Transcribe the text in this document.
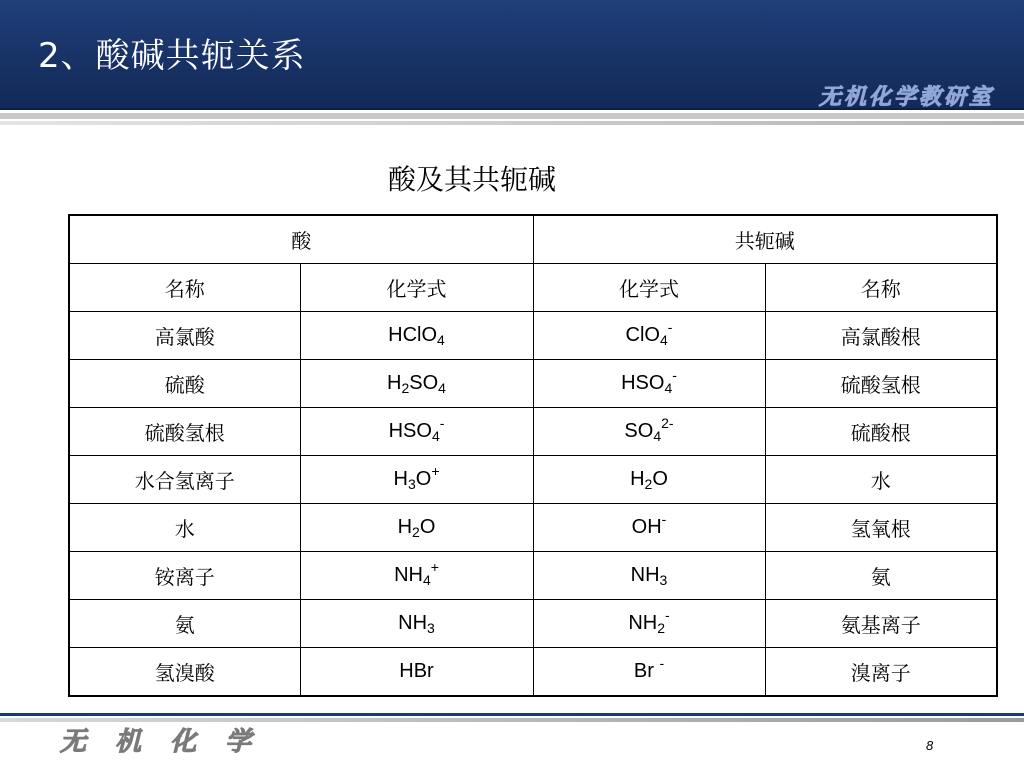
2、酸碱共轭关系
无机化学教研室
酸及其共轭碱
酸		共轭碱	
名称	化学式	化学式	名称
高氯酸	HClO$_4$	ClO$_4$-	高氯酸根
硫酸	$H_2SO_4$	$HSO_4^-$	硫酸氢根
硫酸氢根	$HSO_4^-$	$SO_4^{2-}$	硫酸根
水合氢离子	$H_3O^+$	$H_2O$	水
水	$H_2O$	OH-	氢氧根
铵离子	$NH_4^+$	$NH_3$	氨
氨	$NH_3$	$NH_2^-$	氨基离子
氢溴酸	HBr	Br -	溴离子
无 机 化 学	8
